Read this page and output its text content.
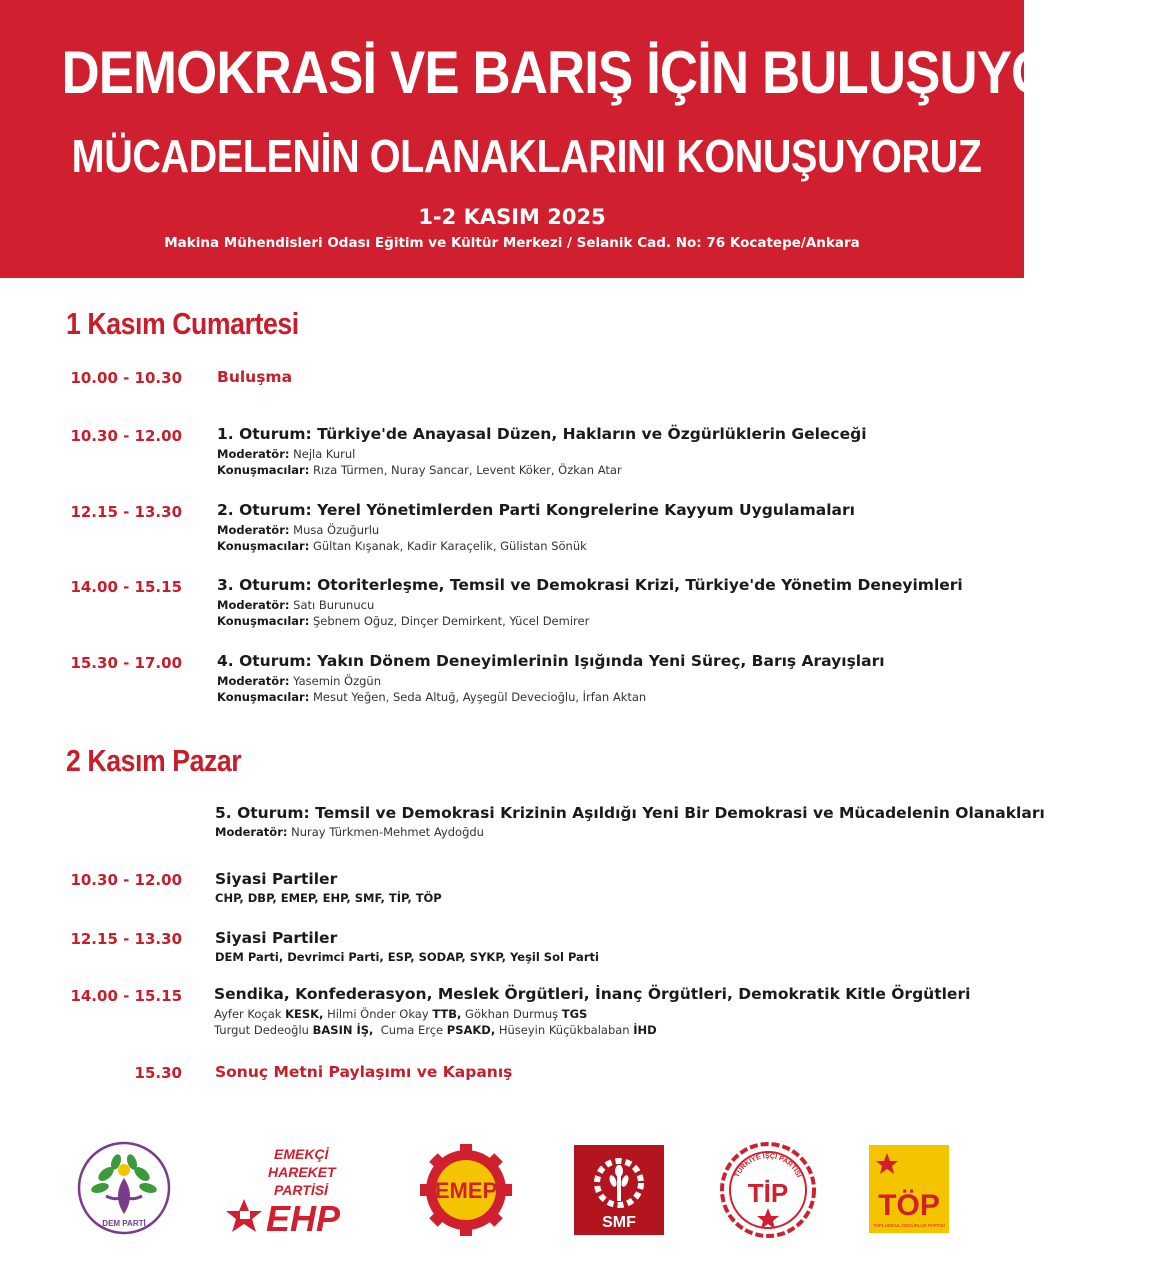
DEMOKRASİ VE BARIŞ İÇİN BULUŞUYORUZ
MÜCADELENİN OLANAKLARINI KONUŞUYORUZ
1-2 KASIM 2025
Makina Mühendisleri Odası Eğitim ve Kültür Merkezi / Selanik Cad. No: 76 Kocatepe/Ankara
1 Kasım Cumartesi
10.00 - 10.30 Buluşma
10.30 - 12.00 1. Oturum: Türkiye'de Anayasal Düzen, Hakların ve Özgürlüklerin Geleceği
Moderatör: Nejla Kurul
Konuşmacılar: Rıza Türmen, Nuray Sancar, Levent Köker, Özkan Atar
12.15 - 13.30 2. Oturum: Yerel Yönetimlerden Parti Kongrelerine Kayyum Uygulamaları
Moderatör: Musa Özuğurlu
Konuşmacılar: Gültan Kışanak, Kadir Karaçelik, Gülistan Sönük
14.00 - 15.15 3. Oturum: Otoriterleşme, Temsil ve Demokrasi Krizi, Türkiye'de Yönetim Deneyimleri
Moderatör: Satı Burunucu
Konuşmacılar: Şebnem Oğuz, Dinçer Demirkent, Yücel Demirer
15.30 - 17.00 4. Oturum: Yakın Dönem Deneyimlerinin Işığında Yeni Süreç, Barış Arayışları
Moderatör: Yasemin Özgün
Konuşmacılar: Mesut Yeğen, Seda Altuğ, Ayşegül Devecioğlu, İrfan Aktan
2 Kasım Pazar
5. Oturum: Temsil ve Demokrasi Krizinin Aşıldığı Yeni Bir Demokrasi ve Mücadelenin Olanakları
Moderatör: Nuray Türkmen-Mehmet Aydoğdu
10.30 - 12.00 Siyasi Partiler
CHP, DBP, EMEP, EHP, SMF, TİP, TÖP
12.15 - 13.30 Siyasi Partiler
DEM Parti, Devrimci Parti, ESP, SODAP, SYKP, Yeşil Sol Parti
14.00 - 15.15 Sendika, Konfederasyon, Meslek Örgütleri, İnanç Örgütleri, Demokratik Kitle Örgütleri
Ayfer Koçak KESK, Hilmi Önder Okay TTB, Gökhan Durmuş TGS
Turgut Dedeoğlu BASIN İŞ,  Cuma Erçe PSAKD, Hüseyin Küçükbalaban İHD
15.30 Sonuç Metni Paylaşımı ve Kapanış
DEM PARTİ
EMEKÇİ
HAREKET
PARTİSİ
EHP
EMEP
SMF
TÜRKİYE İŞÇİ PARTİSİ
TİP	TÖP
TOPLUMCUL ÖZGÜRLÜK PARTİSİ
